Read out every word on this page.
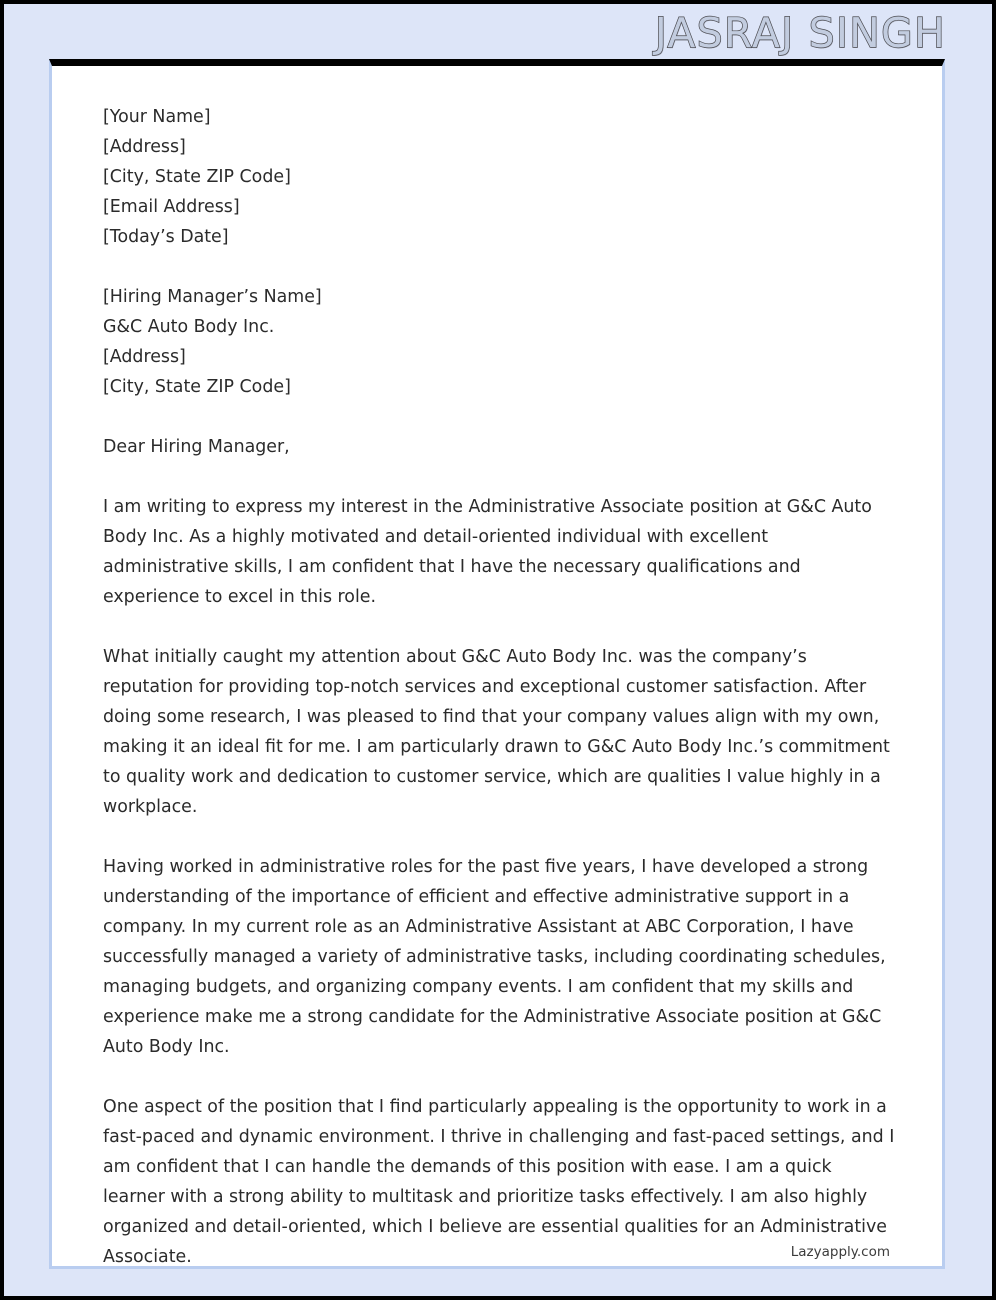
JASRAJ SINGH
[Your Name]
[Address]
[City, State ZIP Code]
[Email Address]
[Today’s Date]
[Hiring Manager’s Name]
G&C Auto Body Inc.
[Address]
[City, State ZIP Code]
Dear Hiring Manager,

I am writing to express my interest in the Administrative Associate position at G&C Auto Body Inc. As a highly motivated and detail-oriented individual with excellent administrative skills, I am confident that I have the necessary qualifications and experience to excel in this role.

What initially caught my attention about G&C Auto Body Inc. was the company’s reputation for providing top-notch services and exceptional customer satisfaction. After doing some research, I was pleased to find that your company values align with my own, making it an ideal fit for me. I am particularly drawn to G&C Auto Body Inc.’s commitment to quality work and dedication to customer service, which are qualities I value highly in a workplace.

Having worked in administrative roles for the past five years, I have developed a strong understanding of the importance of efficient and effective administrative support in a company. In my current role as an Administrative Assistant at ABC Corporation, I have successfully managed a variety of administrative tasks, including coordinating schedules, managing budgets, and organizing company events. I am confident that my skills and experience make me a strong candidate for the Administrative Associate position at G&C Auto Body Inc.

One aspect of the position that I find particularly appealing is the opportunity to work in a fast-paced and dynamic environment. I thrive in challenging and fast-paced settings, and I am confident that I can handle the demands of this position with ease. I am a quick learner with a strong ability to multitask and prioritize tasks effectively. I am also highly organized and detail-oriented, which I believe are essential qualities for an Administrative Associate.	Lazyapply.com
